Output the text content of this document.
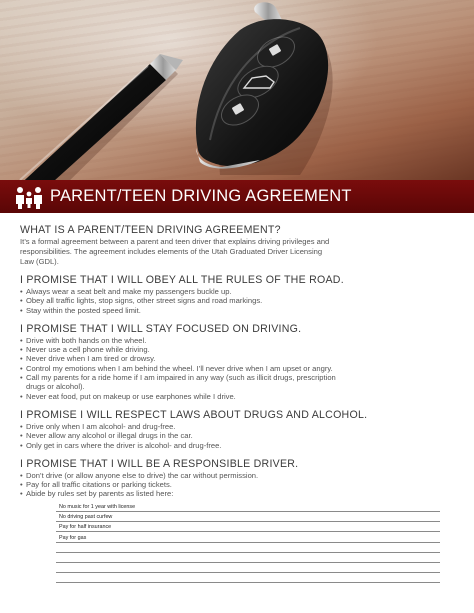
PARENT/TEEN DRIVING AGREEMENT
WHAT IS A PARENT/TEEN DRIVING AGREEMENT?
It’s a formal agreement between a parent and teen driver that explains driving privileges and
responsibilities. The agreement includes elements of the Utah Graduated Driver Licensing
Law (GDL).
I PROMISE THAT I WILL OBEY ALL THE RULES OF THE ROAD.
• Always wear a seat belt and make my passengers buckle up.
• Obey all traffic lights, stop signs, other street signs and road markings.
• Stay within the posted speed limit.
I PROMISE THAT I WILL STAY FOCUSED ON DRIVING.
• Drive with both hands on the wheel.
• Never use a cell phone while driving.
• Never drive when I am tired or drowsy.
• Control my emotions when I am behind the wheel. I’ll never drive when I am upset or angry.
• Call my parents for a ride home if I am impaired in any way (such as illicit drugs, prescription
drugs or alcohol).
• Never eat food, put on makeup or use earphones while I drive.
I PROMISE I WILL RESPECT LAWS ABOUT DRUGS AND ALCOHOL.
• Drive only when I am alcohol- and drug-free.
• Never allow any alcohol or illegal drugs in the car.
• Only get in cars where the driver is alcohol- and drug-free.
I PROMISE THAT I WILL BE A RESPONSIBLE DRIVER.
• Don’t drive (or allow anyone else to drive) the car without permission.
• Pay for all traffic citations or parking tickets.
• Abide by rules set by parents as listed here:
No music for 1 year with license
No driving past curfew
Pay for half insurance
Pay for gas
